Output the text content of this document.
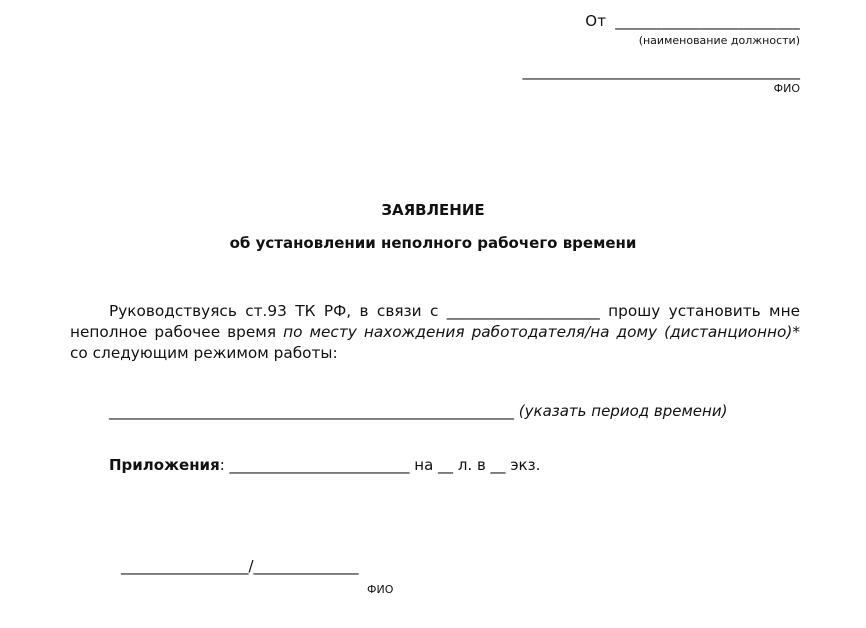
От ________________________
(наименование должности)
_____________________________________
ФИО
ЗАЯВЛЕНИЕ
об установлении неполного рабочего времени
Руководствуясь ст.93 ТК РФ, в связи с ____________________ прошу установить мне неполное рабочее время по месту нахождения работодателя/на дому (дистанционно)* со следующим режимом работы:
______________________________________________________ (указать период времени)
Приложения: ________________________ на __ л. в __ экз.
_________________/______________
ФИО
